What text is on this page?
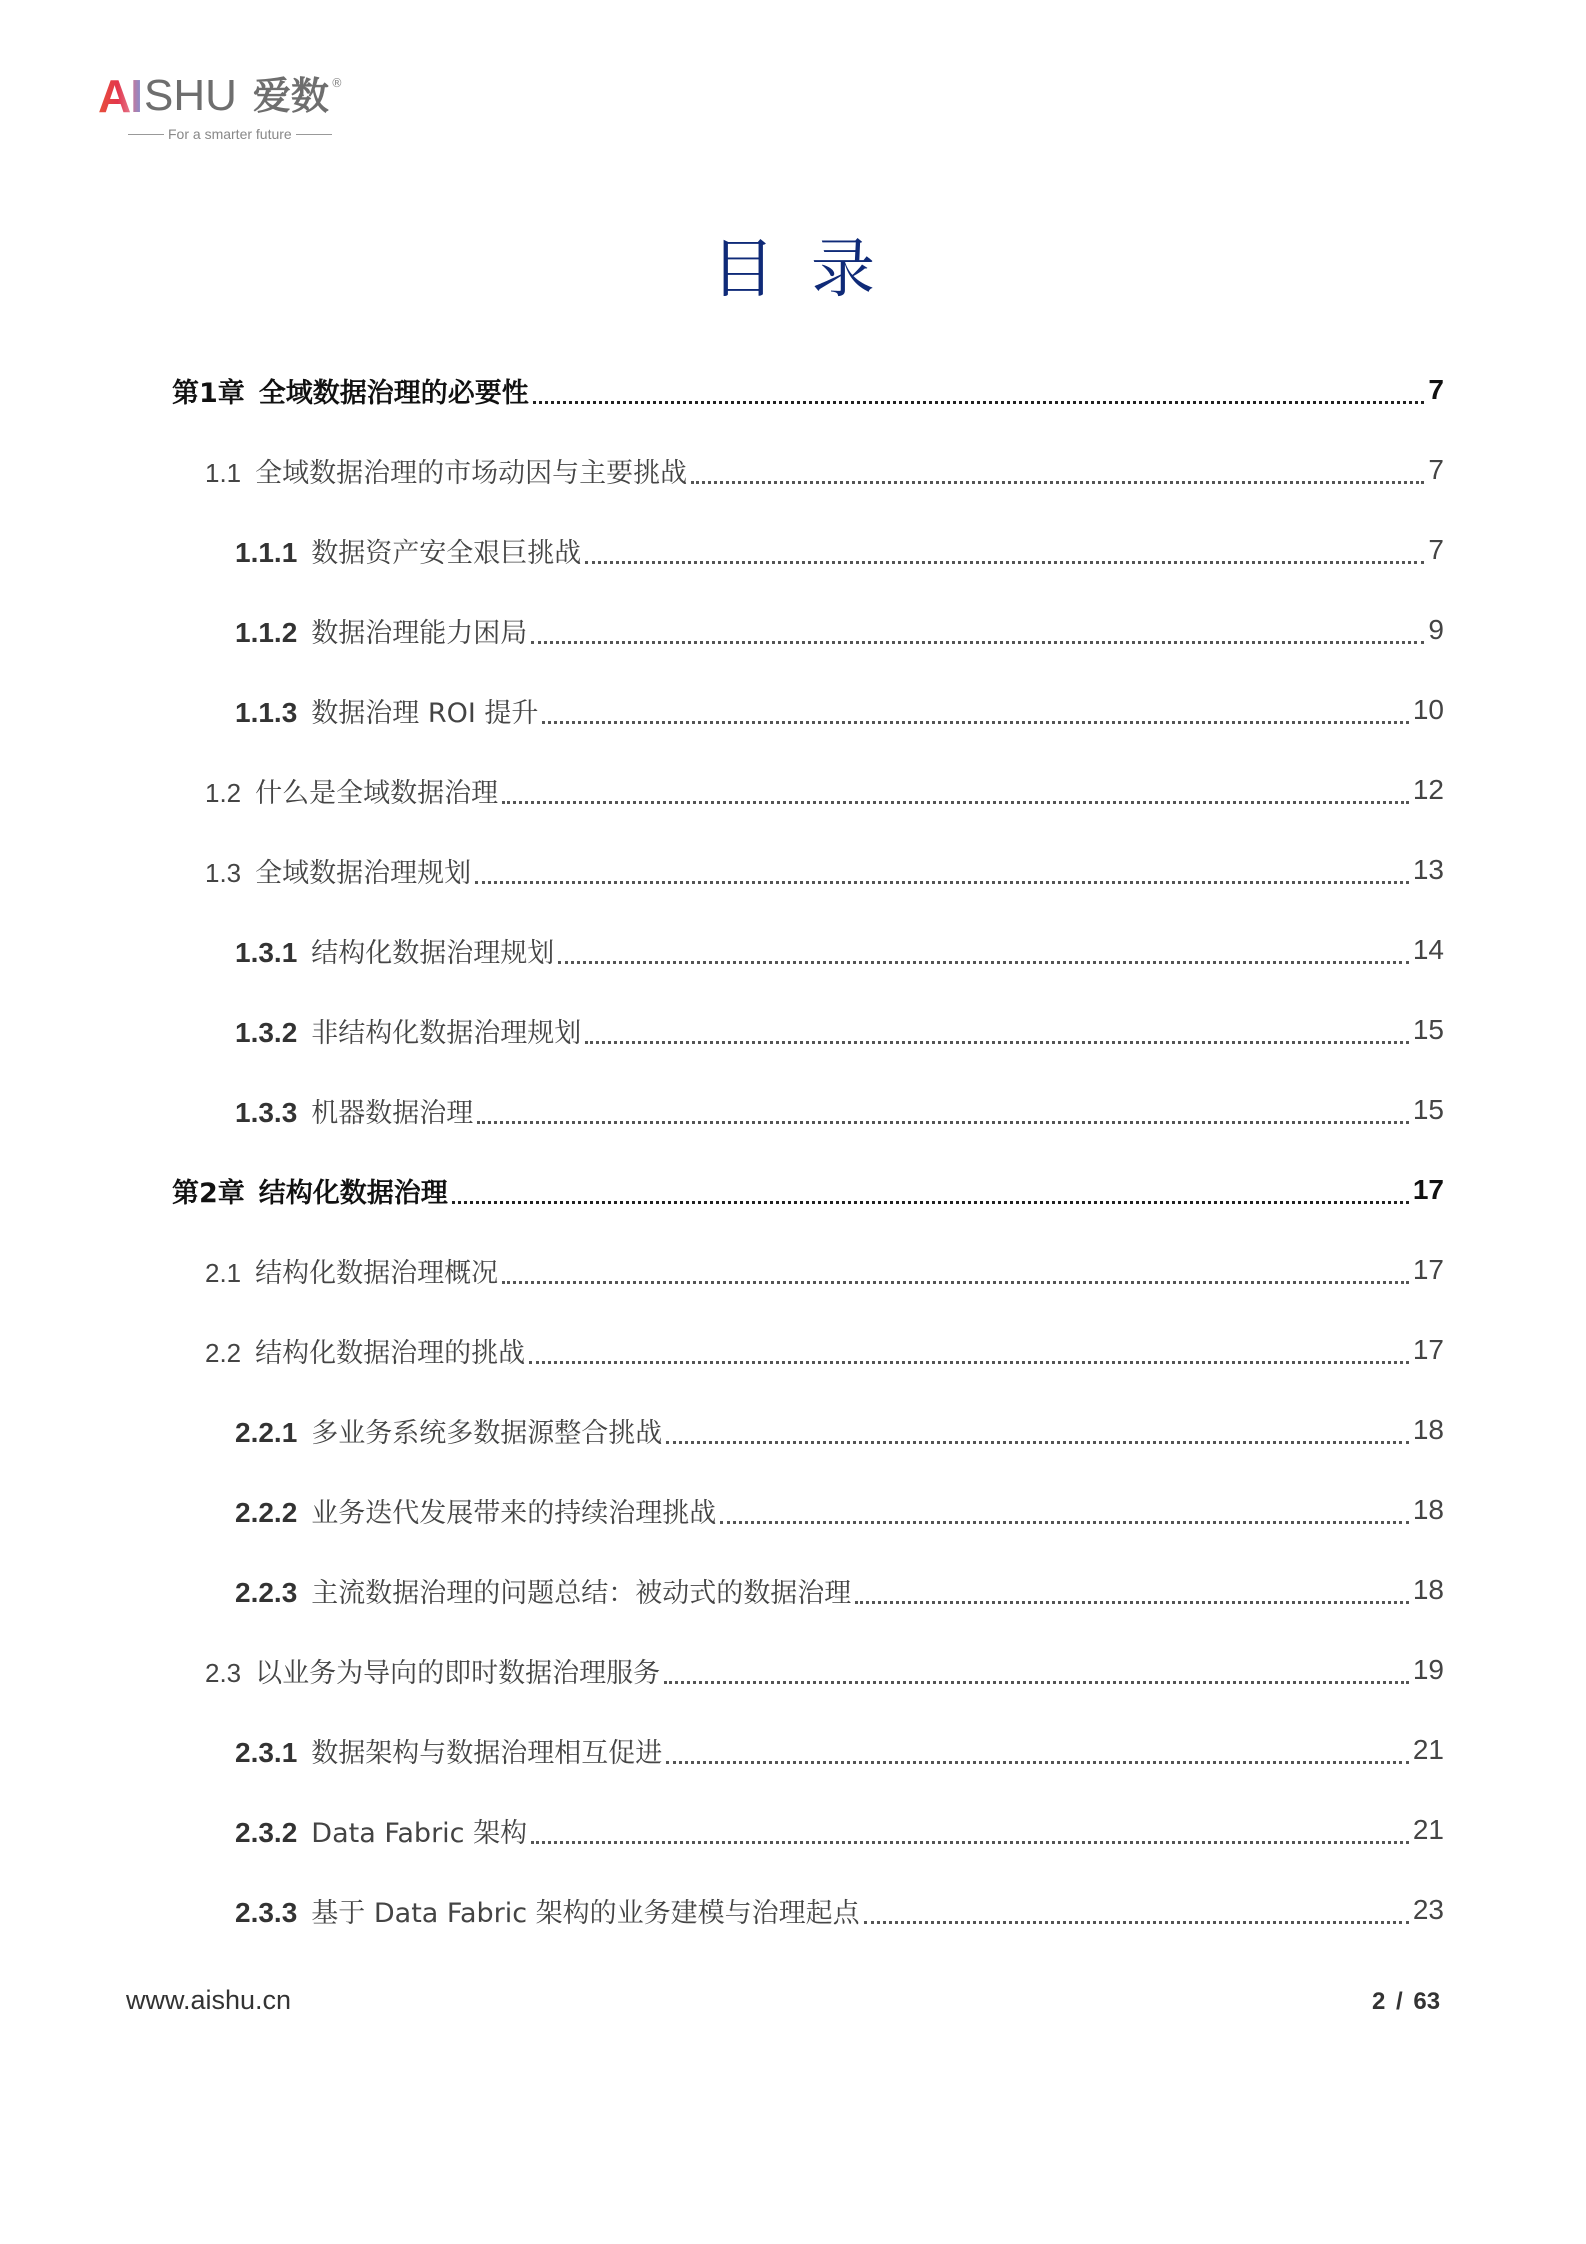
AI SHU 爱数 ®
For a smarter future
目录
第1章 全域数据治理的必要性	7
1.1 全域数据治理的市场动因与主要挑战	7
1.1.1 数据资产安全艰巨挑战	7
1.1.2 数据治理能力困局	9
1.1.3 数据治理 ROI 提升	10
1.2 什么是全域数据治理	12
1.3 全域数据治理规划	13
1.3.1 结构化数据治理规划	14
1.3.2 非结构化数据治理规划	15
1.3.3 机器数据治理	15
第2章 结构化数据治理	17
2.1 结构化数据治理概况	17
2.2 结构化数据治理的挑战	17
2.2.1 多业务系统多数据源整合挑战	18
2.2.2 业务迭代发展带来的持续治理挑战	18
2.2.3 主流数据治理的问题总结：被动式的数据治理	18
2.3 以业务为导向的即时数据治理服务	19
2.3.1 数据架构与数据治理相互促进	21
2.3.2 Data Fabric 架构	21
2.3.3 基于 Data Fabric 架构的业务建模与治理起点	23
www.aishu.cn	2 / 63
